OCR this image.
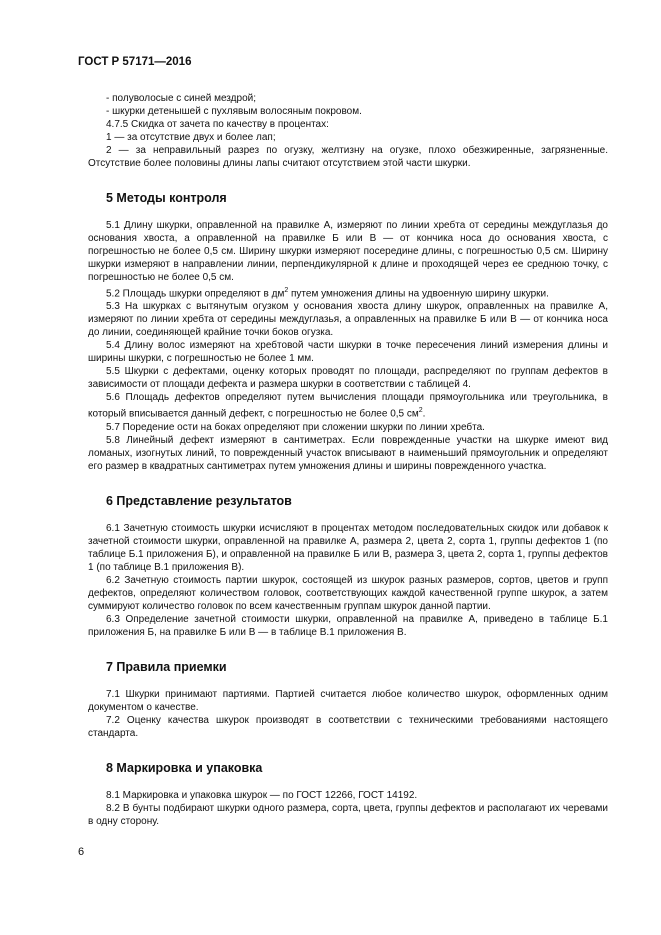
ГОСТ Р 57171—2016

- полуволосые с синей мездрой;

- шкурки детенышей с пухлявым волосяным покровом.

4.7.5 Скидка от зачета по качеству в процентах:

1 — за отсутствие двух и более лап;

2 — за неправильный разрез по огузку, желтизну на огузке, плохо обезжиренные, загрязненные. Отсутствие более половины длины лапы считают отсутствием этой части шкурки.

5 Методы контроля

5.1 Длину шкурки, оправленной на правилке А, измеряют по линии хребта от середины междуглазья до основания хвоста, а оправленной на правилке Б или В — от кончика носа до основания хвоста, с погрешностью не более 0,5 см. Ширину шкурки измеряют посередине длины, с погрешностью 0,5 см. Ширину шкурки измеряют в направлении линии, перпендикулярной к длине и проходящей через ее среднюю точку, с погрешностью не более 0,5 см.

5.2 Площадь шкурки определяют в $дм^2$ путем умножения длины на удвоенную ширину шкурки.

5.3 На шкурках с вытянутым огузком у основания хвоста длину шкурок, оправленных на правилке А, измеряют по линии хребта от середины междуглазья, а оправленных на правилке Б или В — от кончика носа до линии, соединяющей крайние точки боков огузка.

5.4 Длину волос измеряют на хребтовой части шкурки в точке пересечения линий измерения длины и ширины шкурки, с погрешностью не более 1 мм.

5.5 Шкурки с дефектами, оценку которых проводят по площади, распределяют по группам дефектов в зависимости от площади дефекта и размера шкурки в соответствии с таблицей 4.

5.6 Площадь дефектов определяют путем вычисления площади прямоугольника или треугольника, в который вписывается данный дефект, с погрешностью не более 0,5 $см^2$.

5.7 Поредение ости на боках определяют при сложении шкурки по линии хребта.

5.8 Линейный дефект измеряют в сантиметрах. Если поврежденные участки на шкурке имеют вид ломаных, изогнутых линий, то поврежденный участок вписывают в наименьший прямоугольник и определяют его размер в квадратных сантиметрах путем умножения длины и ширины поврежденного участка.

6 Представление результатов

6.1 Зачетную стоимость шкурки исчисляют в процентах методом последовательных скидок или добавок к зачетной стоимости шкурки, оправленной на правилке А, размера 2, цвета 2, сорта 1, группы дефектов 1 (по таблице Б.1 приложения Б), и оправленной на правилке Б или В, размера 3, цвета 2, сорта 1, группы дефектов 1 (по таблице В.1 приложения В).

6.2 Зачетную стоимость партии шкурок, состоящей из шкурок разных размеров, сортов, цветов и групп дефектов, определяют количеством головок, соответствующих каждой качественной группе шкурок, а затем суммируют количество головок по всем качественным группам шкурок данной партии.

6.3 Определение зачетной стоимости шкурки, оправленной на правилке А, приведено в таблице Б.1 приложения Б, на правилке Б или В — в таблице В.1 приложения В.

7 Правила приемки

7.1 Шкурки принимают партиями. Партией считается любое количество шкурок, оформленных одним документом о качестве.

7.2 Оценку качества шкурок производят в соответствии с техническими требованиями настоящего стандарта.

8 Маркировка и упаковка

8.1 Маркировка и упаковка шкурок — по ГОСТ 12266, ГОСТ 14192.

8.2 В бунты подбирают шкурки одного размера, сорта, цвета, группы дефектов и располагают их черевами в одну сторону.

6
